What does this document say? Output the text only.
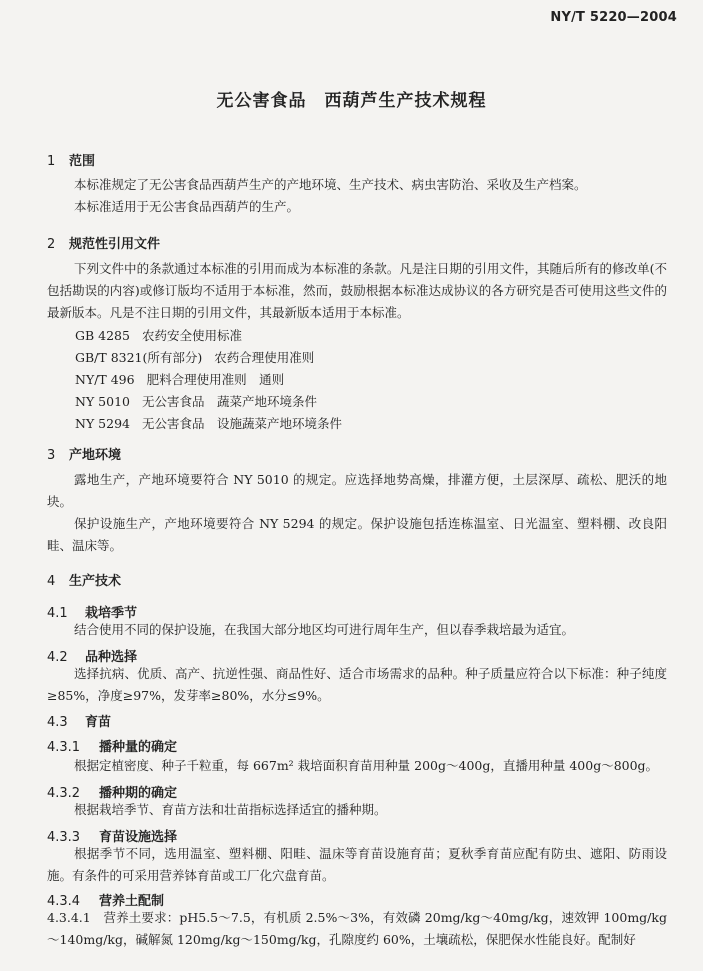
NY/T 5220—2004
无公害食品　西葫芦生产技术规程
1 范围
本标准规定了无公害食品西葫芦生产的产地环境、生产技术、病虫害防治、采收及生产档案。
本标准适用于无公害食品西葫芦的生产。
2 规范性引用文件
下列文件中的条款通过本标准的引用而成为本标准的条款。凡是注日期的引用文件，其随后所有的修改单(不包括勘误的内容)或修订版均不适用于本标准，然而，鼓励根据本标准达成协议的各方研究是否可使用这些文件的最新版本。凡是不注日期的引用文件，其最新版本适用于本标准。
GB 4285 农药安全使用标准
GB/T 8321(所有部分) 农药合理使用准则
NY/T 496 肥料合理使用准则　通则
NY 5010 无公害食品　蔬菜产地环境条件
NY 5294 无公害食品　设施蔬菜产地环境条件
3 产地环境
露地生产，产地环境要符合 NY 5010 的规定。应选择地势高燥，排灌方便，土层深厚、疏松、肥沃的地块。
保护设施生产，产地环境要符合 NY 5294 的规定。保护设施包括连栋温室、日光温室、塑料棚、改良阳畦、温床等。
4 生产技术
4.1 栽培季节
结合使用不同的保护设施，在我国大部分地区均可进行周年生产，但以春季栽培最为适宜。
4.2 品种选择
选择抗病、优质、高产、抗逆性强、商品性好、适合市场需求的品种。种子质量应符合以下标准：种子纯度≥85%，净度≥97%，发芽率≥80%，水分≤9%。
4.3 育苗
4.3.1 播种量的确定
根据定植密度、种子千粒重，每 667m² 栽培面积育苗用种量 200g～400g，直播用种量 400g～800g。
4.3.2 播种期的确定
根据栽培季节、育苗方法和壮苗指标选择适宜的播种期。
4.3.3 育苗设施选择
根据季节不同，选用温室、塑料棚、阳畦、温床等育苗设施育苗；夏秋季育苗应配有防虫、遮阳、防雨设施。有条件的可采用营养钵育苗或工厂化穴盘育苗。
4.3.4 营养土配制
4.3.4.1　 营养土要求：pH5.5～7.5，有机质 2.5%～3%，有效磷 20mg/kg～40mg/kg，速效钾 100mg/kg～140mg/kg，碱解氮 120mg/kg～150mg/kg，孔隙度约 60%，土壤疏松，保肥保水性能良好。配制好
